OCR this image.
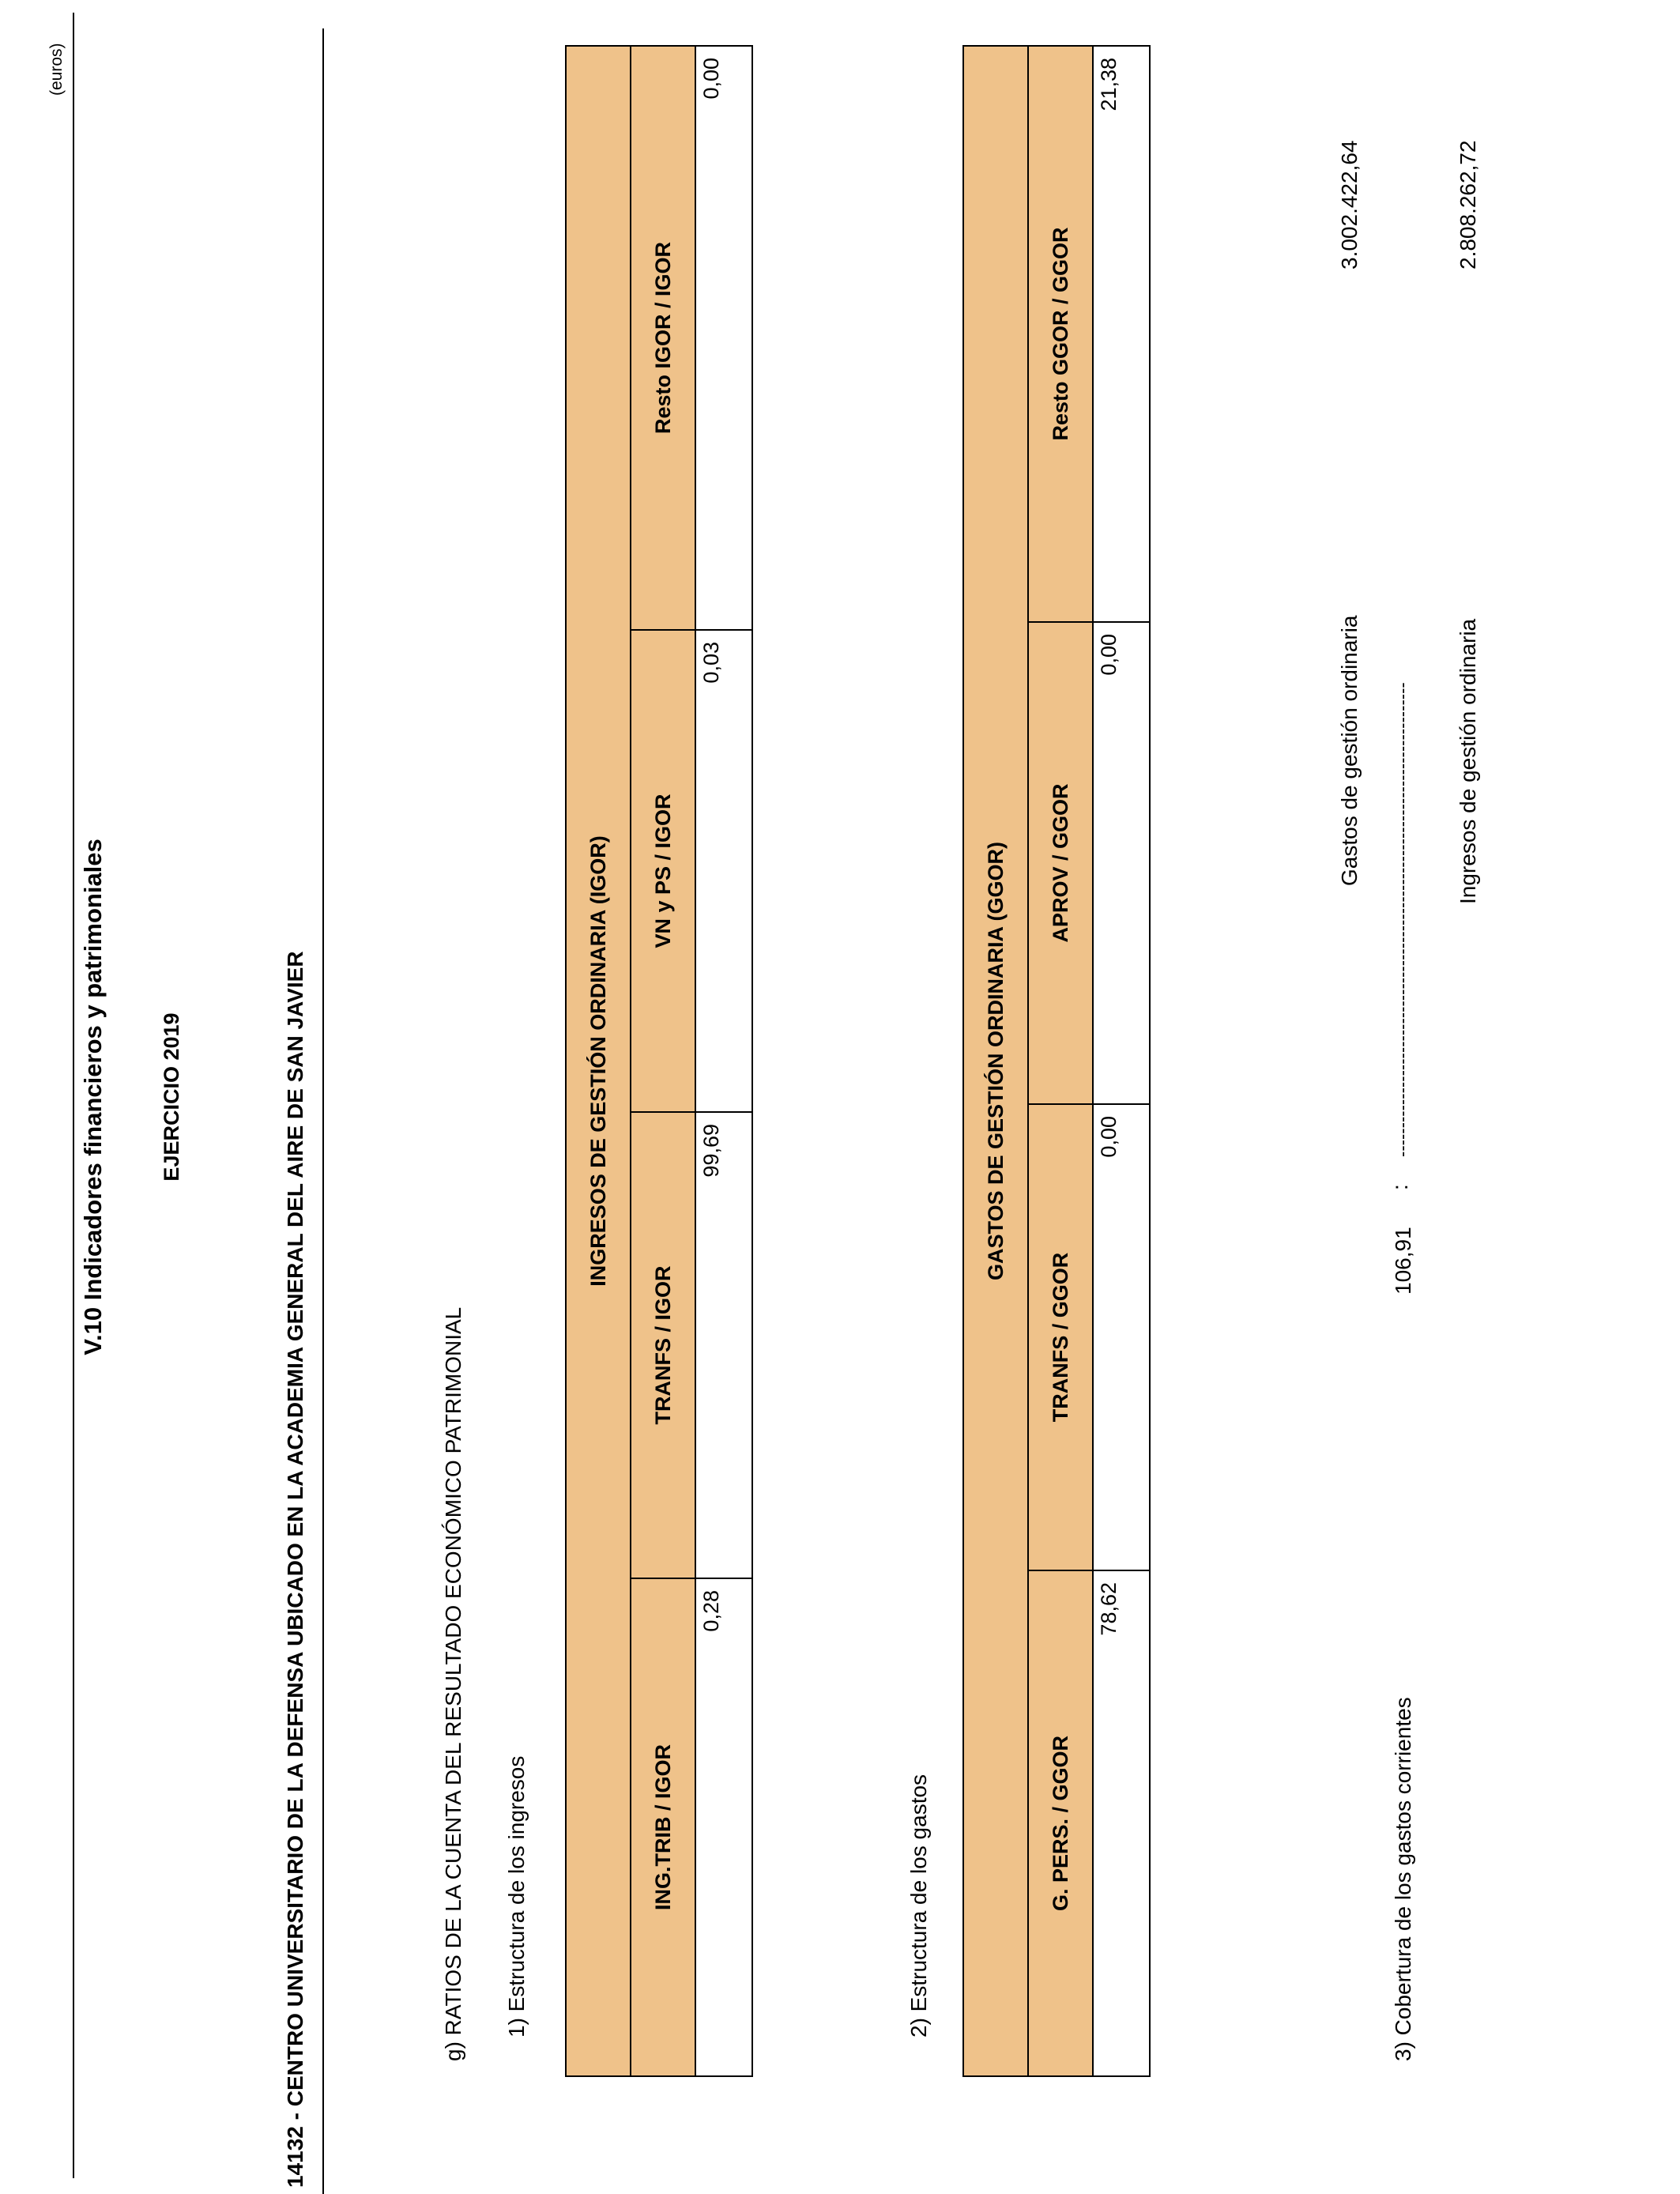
V.10 Indicadores financieros y patrimoniales EJERCICIO 2019
(euros)
14132 - CENTRO UNIVERSITARIO DE LA DEFENSA UBICADO EN LA ACADEMIA GENERAL DEL AIRE DE SAN JAVIER	g) RATIOS DE LA CUENTA DEL RESULTADO ECONÓMICO PATRIMONIAL 1) Estructura de los ingresos
INGRESOS DE GESTIÓN ORDINARIA (IGOR)			
ING.TRIB / IGOR	TRANFS / IGOR	VN y PS / IGOR	Resto IGOR / IGOR
0,28	99,69	0,03	0,00
2) Estructura de los gastos
GASTOS DE GESTIÓN ORDINARIA (GGOR)			
G. PERS. / GGOR	TRANFS / GGOR	APROV / GGOR	Resto GGOR / GGOR
78,62	0,00	0,00	21,38
3) Cobertura de los gastos corrientes
106,91
:
Gastos de gestión ordinaria
3.002.422,64
---------------------------------------------------------------------------------- Ingresos de gestión ordinaria
2.808.262,72
